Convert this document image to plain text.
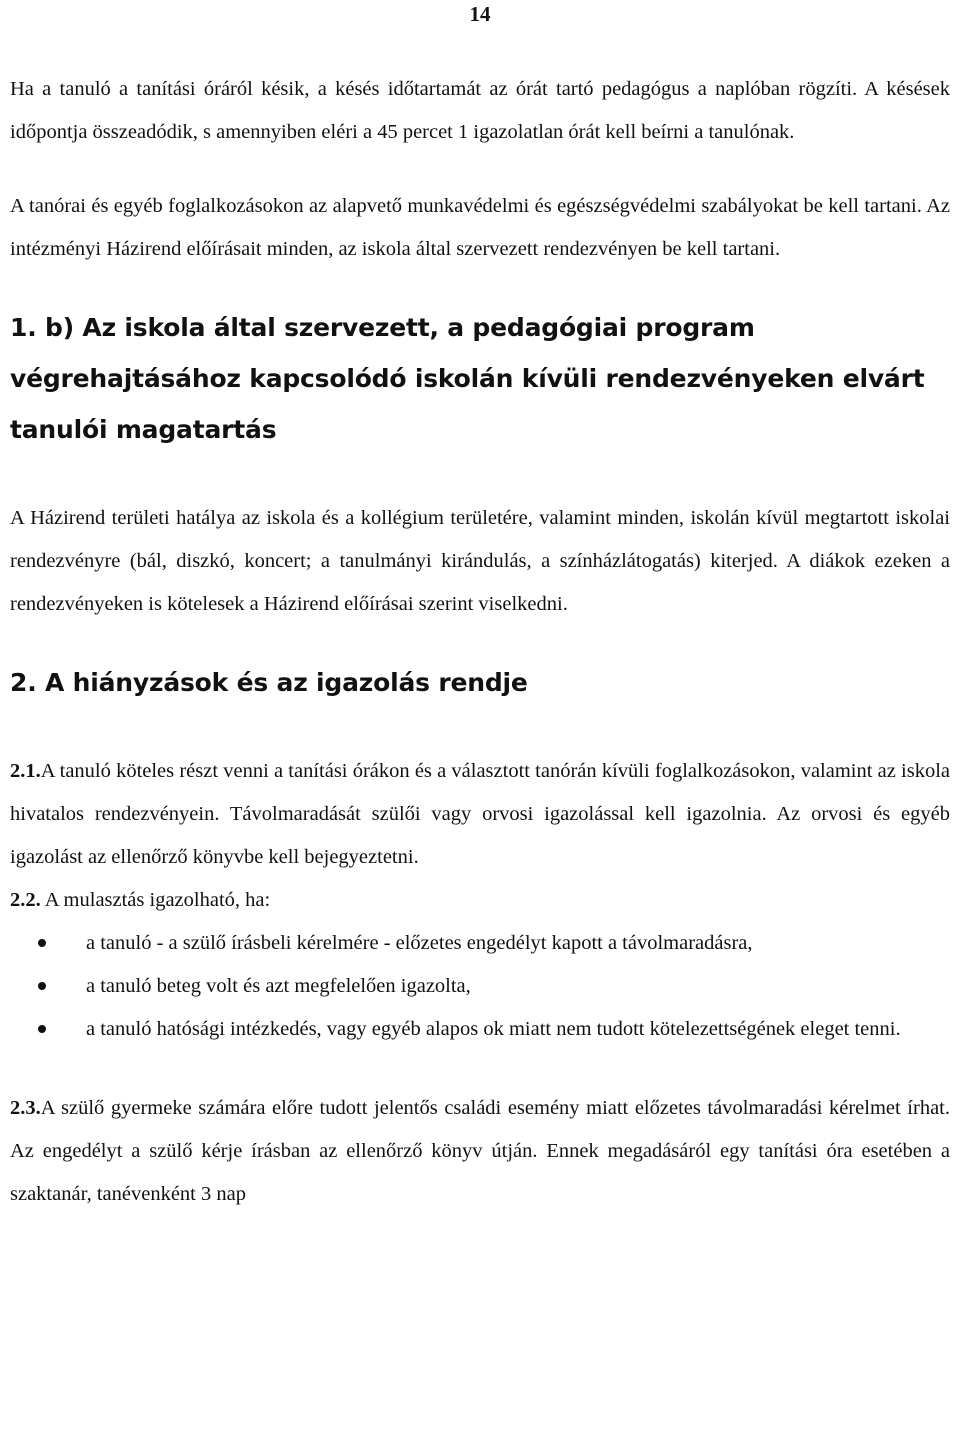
14

Ha a tanuló a tanítási óráról késik, a késés időtartamát az órát tartó pedagógus a naplóban rögzíti. A késések időpontja összeadódik, s amennyiben eléri a 45 percet 1 igazolatlan órát kell beírni a tanulónak.

A tanórai és egyéb foglalkozásokon az alapvető munkavédelmi és egészségvédelmi szabályokat be kell tartani. Az intézményi Házirend előírásait minden, az iskola által szervezett rendezvényen be kell tartani.

1. b) Az iskola által szervezett, a pedagógiai program végrehajtásához kapcsolódó iskolán kívüli rendezvényeken elvárt tanulói magatartás

A Házirend területi hatálya az iskola és a kollégium területére, valamint minden, iskolán kívül megtartott iskolai rendezvényre (bál, diszkó, koncert; a tanulmányi kirándulás, a színházlátogatás) kiterjed. A diákok ezeken a rendezvényeken is kötelesek a Házirend előírásai szerint viselkedni.

2. A hiányzások és az igazolás rendje

2.1.A tanuló köteles részt venni a tanítási órákon és a választott tanórán kívüli foglalkozásokon, valamint az iskola hivatalos rendezvényein. Távolmaradását szülői vagy orvosi igazolással kell igazolnia. Az orvosi és egyéb igazolást az ellenőrző könyvbe kell bejegyeztetni.

2.2. A mulasztás igazolható, ha:

a tanuló - a szülő írásbeli kérelmére - előzetes engedélyt kapott a távolmaradásra,
a tanuló beteg volt és azt megfelelően igazolta,
a tanuló hatósági intézkedés, vagy egyéb alapos ok miatt nem tudott kötelezettségének eleget tenni.

2.3.A szülő gyermeke számára előre tudott jelentős családi esemény miatt előzetes távolmaradási kérelmet írhat. Az engedélyt a szülő kérje írásban az ellenőrző könyv útján. Ennek megadásáról egy tanítási óra esetében a szaktanár, tanévenként 3 nap
